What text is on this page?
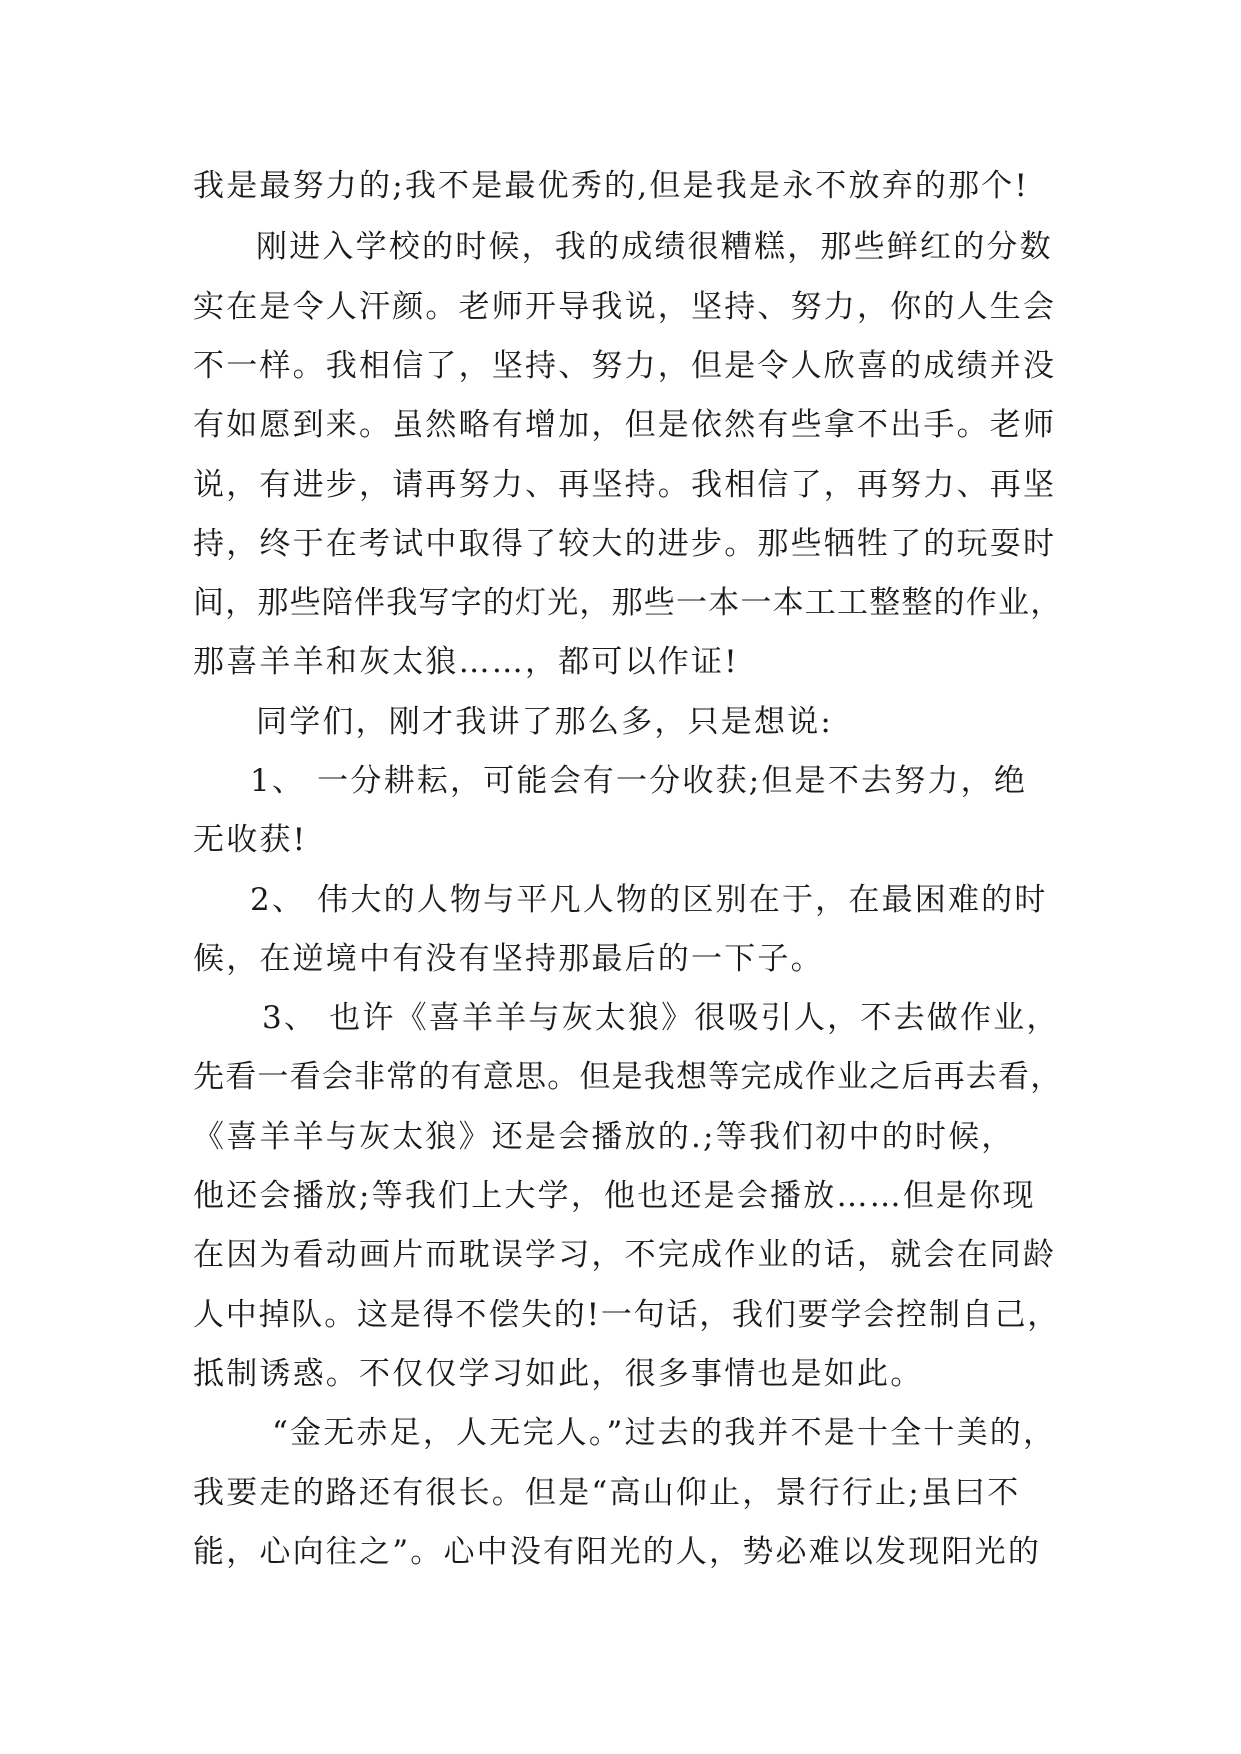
我是最努力的;我不是最优秀的,但是我是永不放弃的那个!
刚进入学校的时候，我的成绩很糟糕，那些鲜红的分数
实在是令人汗颜。老师开导我说，坚持、努力，你的人生会
不一样。我相信了，坚持、努力，但是令人欣喜的成绩并没
有如愿到来。虽然略有增加，但是依然有些拿不出手。老师
说，有进步，请再努力、再坚持。我相信了，再努力、再坚
持，终于在考试中取得了较大的进步。那些牺牲了的玩耍时
间，那些陪伴我写字的灯光，那些一本一本工工整整的作业，
那喜羊羊和灰太狼……，都可以作证!
同学们，刚才我讲了那么多，只是想说:
1、 一分耕耘，可能会有一分收获;但是不去努力，绝
无收获!
2、 伟大的人物与平凡人物的区别在于，在最困难的时
候，在逆境中有没有坚持那最后的一下子。
3、 也许《喜羊羊与灰太狼》很吸引人，不去做作业，
先看一看会非常的有意思。但是我想等完成作业之后再去看，
《喜羊羊与灰太狼》还是会播放的.;等我们初中的时候，
他还会播放;等我们上大学，他也还是会播放……但是你现
在因为看动画片而耽误学习，不完成作业的话，就会在同龄
人中掉队。这是得不偿失的!一句话，我们要学会控制自己，
抵制诱惑。不仅仅学习如此，很多事情也是如此。
“金无赤足，人无完人。”过去的我并不是十全十美的，
我要走的路还有很长。但是“高山仰止，景行行止;虽曰不
能，心向往之”。心中没有阳光的人，势必难以发现阳光的
